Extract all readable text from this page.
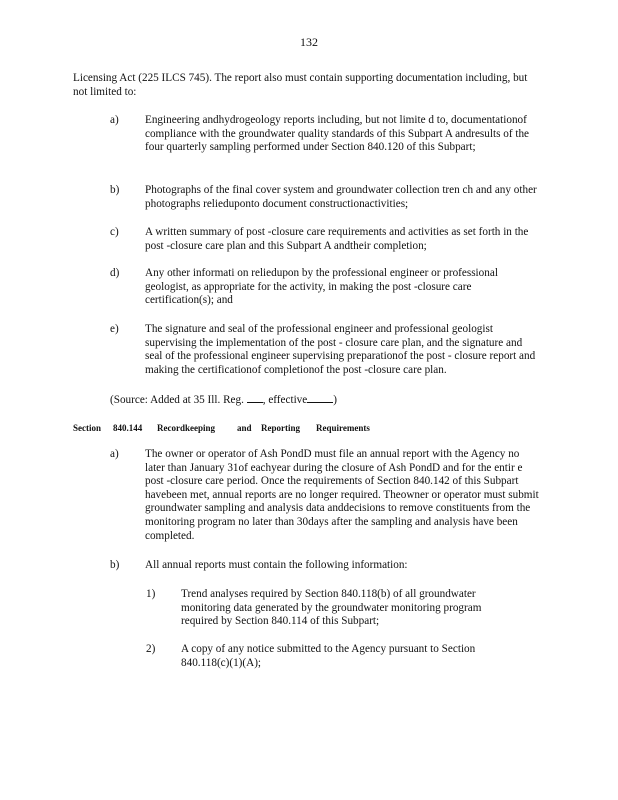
132
Licensing Act (225 ILCS 745). The report also must contain supporting documentation including, but not limited to:
a) Engineering andhydrogeology reports including, but not limite d to, documentationof compliance with the groundwater quality standards of this Subpart A andresults of the four quarterly sampling performed under Section 840.120 of this Subpart;
b) Photographs of the final cover system and groundwater collection tren ch and any other photographs relieduponto document constructionactivities;
c) A written summary of post -closure care requirements and activities as set forth in the post -closure care plan and this Subpart A andtheir completion;
d) Any other informati on reliedupon by the professional engineer or professional geologist, as appropriate for the activity, in making the post -closure care certification(s); and
e) The signature and seal of the professional engineer and professional geologist supervising the implementation of the post - closure care plan, and the signature and seal of the professional engineer supervising preparationof the post - closure report and making the certificationof completionof the post -closure care plan.
(Source: Added at 35 Ill. Reg. , effective )
Section 840.144 Recordkeeping and Reporting Requirements
a) The owner or operator of Ash PondD must file an annual report with the Agency no later than January 31of eachyear during the closure of Ash PondD and for the entir e post -closure care period. Once the requirements of Section 840.142 of this Subpart havebeen met, annual reports are no longer required. Theowner or operator must submit groundwater sampling and analysis data anddecisions to remove constituents from the monitoring program no later than 30days after the sampling and analysis have been completed.
b) All annual reports must contain the following information:
1) Trend analyses required by Section 840.118(b) of all groundwater monitoring data generated by the groundwater monitoring program required by Section 840.114 of this Subpart;
2) A copy of any notice submitted to the Agency pursuant to Section 840.118(c)(1)(A);
